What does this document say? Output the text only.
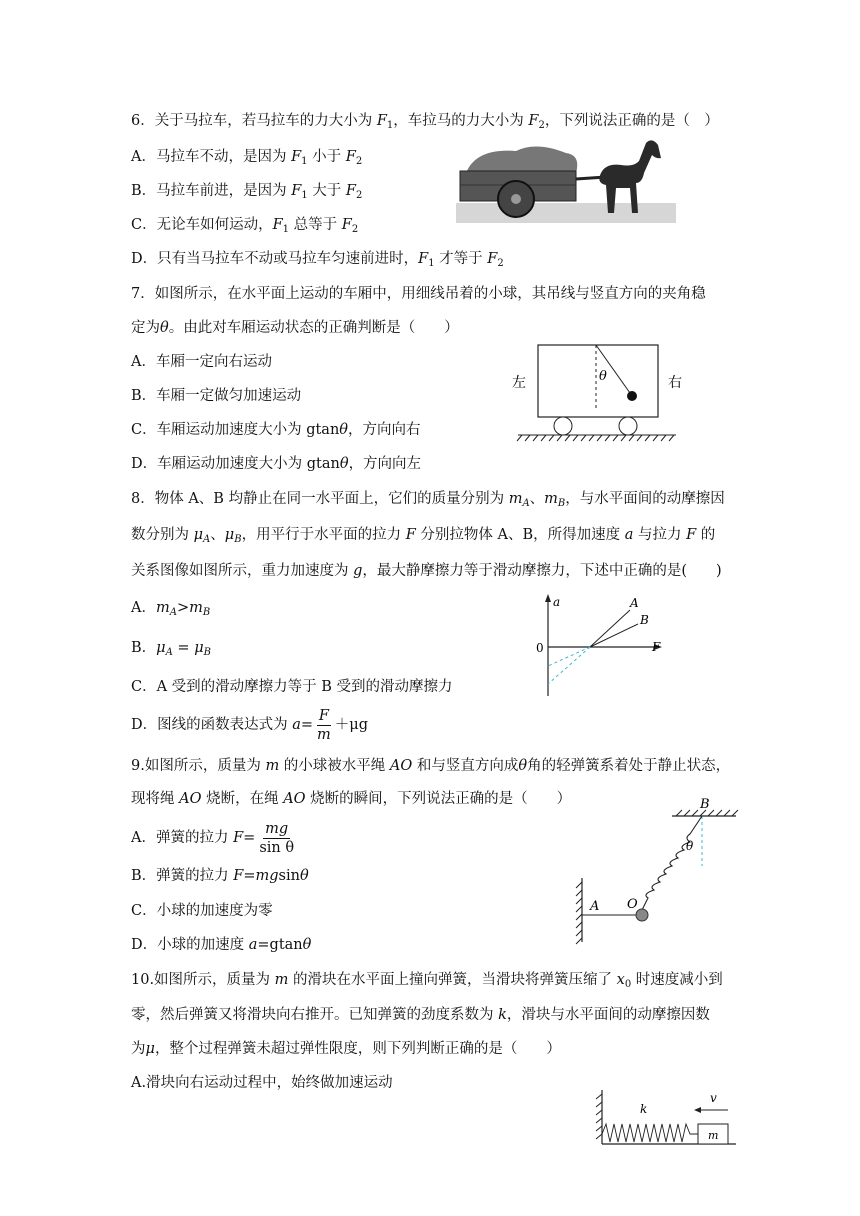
6．关于马拉车，若马拉车的力大小为 $F_1$，车拉马的力大小为 $F_2$，下列说法正确的是（　）
A．马拉车不动，是因为 $F_1$ 小于 $F_2$
B．马拉车前进，是因为 $F_1$ 大于 $F_2$
C．无论车如何运动，$F_1$ 总等于 $F_2$
D．只有当马拉车不动或马拉车匀速前进时，$F_1$ 才等于 $F_2$
7．如图所示，在水平面上运动的车厢中，用细线吊着的小球，其吊线与竖直方向的夹角稳
定为θ。由此对车厢运动状态的正确判断是（　　）
A．车厢一定向右运动
B．车厢一定做匀加速运动
C．车厢运动加速度大小为 gtanθ，方向向右
D．车厢运动加速度大小为 gtanθ，方向向左
θ
左	右
8．物体 A、B 均静止在同一水平面上，它们的质量分别为 $m_A$、$m_B$，与水平面间的动摩擦因
数分别为 $\mu_A$、$\mu_B$，用平行于水平面的拉力 F 分别拉物体 A、B，所得加速度 a 与拉力 F 的
关系图像如图所示，重力加速度为 g，最大静摩擦力等于滑动摩擦力，下述中正确的是(　　)
A．$m_A>m_B$
B．$\mu_A = \mu_B$
C．A 受到的滑动摩擦力等于 B 受到的滑动摩擦力
D．图线的函数表达式为 $a= \frac{F}{m} +\mu g$
a
F
0
A
B
9.如图所示，质量为 m 的小球被水平绳 AO 和与竖直方向成θ角的轻弹簧系着处于静止状态，
现将绳 AO 烧断，在绳 AO 烧断的瞬间，下列说法正确的是（　　）
A．弹簧的拉力 $F= \frac{mg}{\text{sin θ}}$
B．弹簧的拉力 F=mgsinθ
C．小球的加速度为零
D．小球的加速度 a=gtanθ
A O
B
θ
10.如图所示，质量为 m 的滑块在水平面上撞向弹簧，当滑块将弹簧压缩了 $x_0$ 时速度减小到
零，然后弹簧又将滑块向右推开。已知弹簧的劲度系数为 k，滑块与水平面间的动摩擦因数
为μ，整个过程弹簧未超过弹性限度，则下列判断正确的是（　　）
A.滑块向右运动过程中，始终做加速运动
m
k
v
